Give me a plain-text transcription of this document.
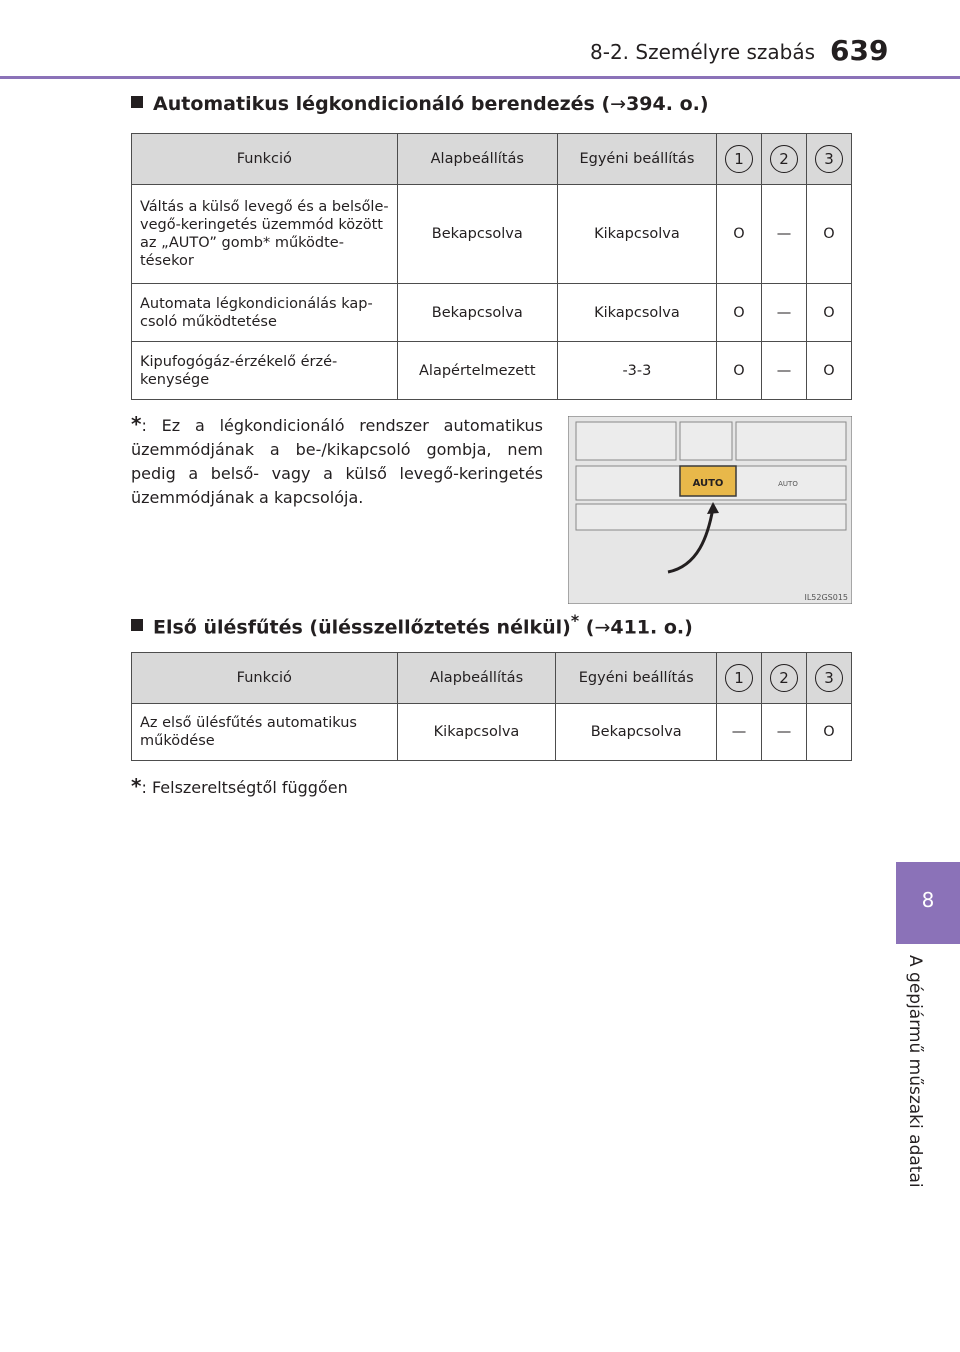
8-2. Személyre szabás 639
8
A gépjármű műszaki adatai
Automatikus légkondicionáló berendezés (→394. o.)
Funkció	Alapbeállítás	Egyéni beállítás	1	2	3
Váltás a külső levegő és a belsőle-vegő-keringetés üzemmód között az „AUTO” gomb* működte-tésekor	Bekapcsolva	Kikapcsolva	O	—	O
Automata légkondicionálás kap-csoló működtetése	Bekapcsolva	Kikapcsolva	O	—	O
Kipufogógáz-érzékelő érzé-kenysége	Alapértelmezett	-3-3	O	—	O
*: Ez a légkondicionáló rendszer automatikus üzemmódjának a be-/kikapcsoló gombja, nem pedig a belső- vagy a külső levegő-keringetés üzemmódjának a kapcsolója.
AUTO	AUTO
IL52GS015
Első ülésfűtés (ülésszellőztetés nélkül)* (→411. o.)
Funkció	Alapbeállítás	Egyéni beállítás	1	2	3
Az első ülésfűtés automatikus működése	Kikapcsolva	Bekapcsolva	—	—	O
*: Felszereltségtől függően
